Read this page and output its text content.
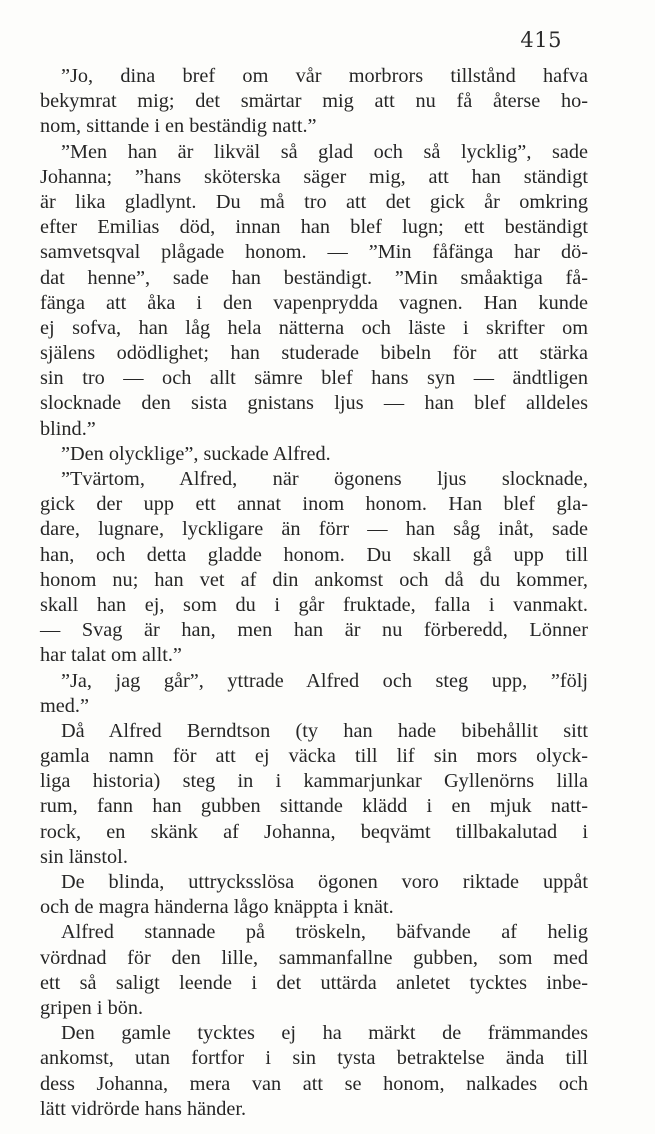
415
”Jo, dina bref om vår morbrors tillstånd hafva
bekymrat mig; det smärtar mig att nu få återse ho-
nom, sittande i en beständig natt.”
”Men han är likväl så glad och så lycklig”, sade
Johanna; ”hans sköterska säger mig, att han ständigt
är lika gladlynt. Du må tro att det gick år omkring
efter Emilias död, innan han blef lugn; ett beständigt
samvetsqval plågade honom. — ”Min fåfänga har dö-
dat henne”, sade han beständigt. ”Min småaktiga få-
fänga att åka i den vapenprydda vagnen. Han kunde
ej sofva, han låg hela nätterna och läste i skrifter om
själens odödlighet; han studerade bibeln för att stärka
sin tro — och allt sämre blef hans syn — ändtligen
slocknade den sista gnistans ljus — han blef alldeles
blind.”
”Den olycklige”, suckade Alfred.
”Tvärtom, Alfred, när ögonens ljus slocknade,
gick der upp ett annat inom honom. Han blef gla-
dare, lugnare, lyckligare än förr — han såg inåt, sade
han, och detta gladde honom. Du skall gå upp till
honom nu; han vet af din ankomst och då du kommer,
skall han ej, som du i går fruktade, falla i vanmakt.
— Svag är han, men han är nu förberedd, Lönner
har talat om allt.”
”Ja, jag går”, yttrade Alfred och steg upp, ”följ
med.”
Då Alfred Berndtson (ty han hade bibehållit sitt
gamla namn för att ej väcka till lif sin mors olyck-
liga historia) steg in i kammarjunkar Gyllenörns lilla
rum, fann han gubben sittande klädd i en mjuk natt-
rock, en skänk af Johanna, beqvämt tillbakalutad i
sin länstol.
De blinda, uttrycksslösa ögonen voro riktade uppåt
och de magra händerna lågo knäppta i knät.
Alfred stannade på tröskeln, bäfvande af helig
vördnad för den lille, sammanfallne gubben, som med
ett så saligt leende i det uttärda anletet tycktes inbe-
gripen i bön.
Den gamle tycktes ej ha märkt de främmandes
ankomst, utan fortfor i sin tysta betraktelse ända till
dess Johanna, mera van att se honom, nalkades och
lätt vidrörde hans händer.
